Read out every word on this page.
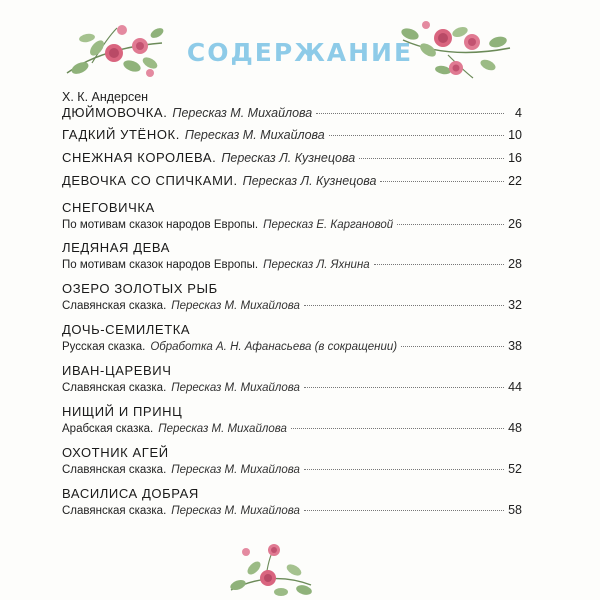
СОДЕРЖАНИЕ
Х. К. Андерсен
ДЮЙМОВОЧКА. Пересказ М. Михайлова	4
ГАДКИЙ УТЁНОК. Пересказ М. Михайлова	10
СНЕЖНАЯ КОРОЛЕВА. Пересказ Л. Кузнецова	16
ДЕВОЧКА СО СПИЧКАМИ. Пересказ Л. Кузнецова	22
СНЕГОВИЧКА
По мотивам сказок народов Европы. Пересказ Е. Каргановой	26
ЛЕДЯНАЯ ДЕВА
По мотивам сказок народов Европы. Пересказ Л. Яхнина	28
ОЗЕРО ЗОЛОТЫХ РЫБ
Славянская сказка. Пересказ М. Михайлова	32
ДОЧЬ-СЕМИЛЕТКА
Русская сказка. Обработка А. Н. Афанасьева (в сокращении)	38
ИВАН-ЦАРЕВИЧ
Славянская сказка. Пересказ М. Михайлова	44
НИЩИЙ И ПРИНЦ
Арабская сказка. Пересказ М. Михайлова	48
ОХОТНИК АГЕЙ
Славянская сказка. Пересказ М. Михайлова	52
ВАСИЛИСА ДОБРАЯ
Славянская сказка. Пересказ М. Михайлова	58
